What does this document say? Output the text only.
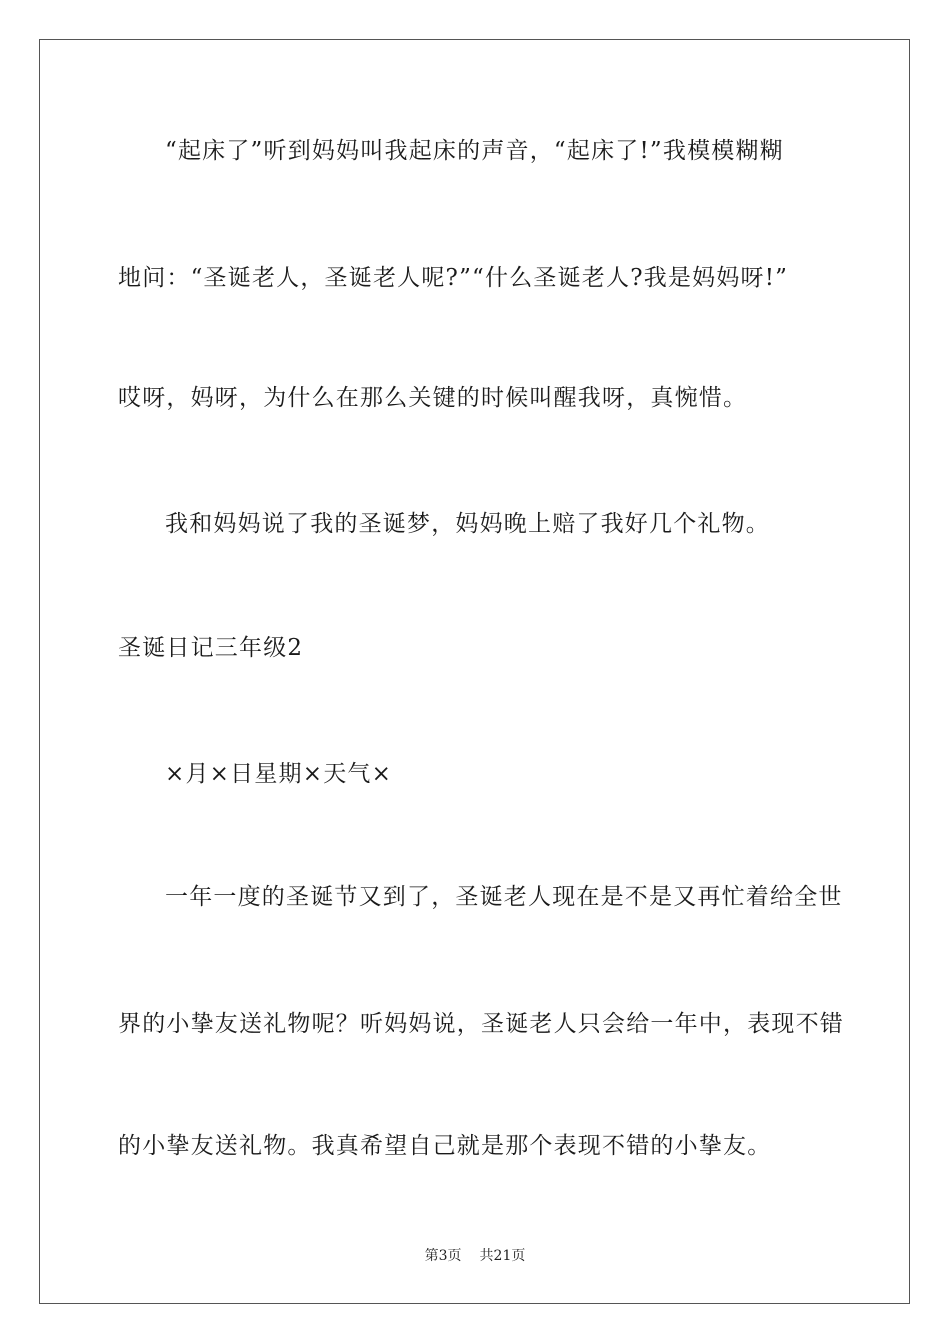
“起床了”听到妈妈叫我起床的声音，“起床了!”我模模糊糊
地问：“圣诞老人，圣诞老人呢?”“什么圣诞老人?我是妈妈呀!”
哎呀，妈呀，为什么在那么关键的时候叫醒我呀，真惋惜。
我和妈妈说了我的圣诞梦，妈妈晚上赔了我好几个礼物。
圣诞日记三年级2
×月×日星期×天气×
一年一度的圣诞节又到了，圣诞老人现在是不是又再忙着给全世
界的小挚友送礼物呢？听妈妈说，圣诞老人只会给一年中，表现不错
的小挚友送礼物。我真希望自己就是那个表现不错的小挚友。
第3页 共21页
